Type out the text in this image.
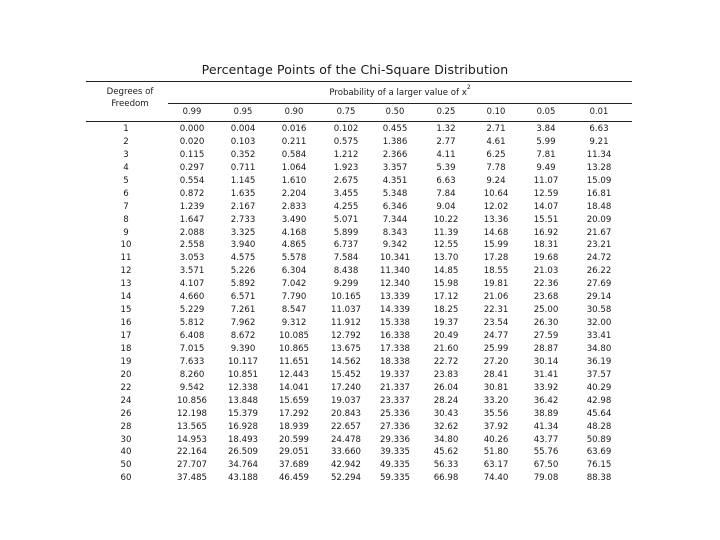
Percentage Points of the Chi-Square Distribution
Degrees of
Freedom
Probability of a larger value of $x^2$
0.99	0.95	0.90	0.75	0.50	0.25	0.10	0.05	0.01
1	0.000	0.004	0.016	0.102	0.455	1.32	2.71	3.84	6.63
2	0.020	0.103	0.211	0.575	1.386	2.77	4.61	5.99	9.21
3	0.115	0.352	0.584	1.212	2.366	4.11	6.25	7.81	11.34
4	0.297	0.711	1.064	1.923	3.357	5.39	7.78	9.49	13.28
5	0.554	1.145	1.610	2.675	4.351	6.63	9.24	11.07	15.09
6	0.872	1.635	2.204	3.455	5.348	7.84	10.64	12.59	16.81
7	1.239	2.167	2.833	4.255	6.346	9.04	12.02	14.07	18.48
8	1.647	2.733	3.490	5.071	7.344	10.22	13.36	15.51	20.09
9	2.088	3.325	4.168	5.899	8.343	11.39	14.68	16.92	21.67
10	2.558	3.940	4.865	6.737	9.342	12.55	15.99	18.31	23.21
11	3.053	4.575	5.578	7.584	10.341	13.70	17.28	19.68	24.72
12	3.571	5.226	6.304	8.438	11.340	14.85	18.55	21.03	26.22
13	4.107	5.892	7.042	9.299	12.340	15.98	19.81	22.36	27.69
14	4.660	6.571	7.790	10.165	13.339	17.12	21.06	23.68	29.14
15	5.229	7.261	8.547	11.037	14.339	18.25	22.31	25.00	30.58
16	5.812	7.962	9.312	11.912	15.338	19.37	23.54	26.30	32.00
17	6.408	8.672	10.085	12.792	16.338	20.49	24.77	27.59	33.41
18	7.015	9.390	10.865	13.675	17.338	21.60	25.99	28.87	34.80
19	7.633	10.117	11.651	14.562	18.338	22.72	27.20	30.14	36.19
20	8.260	10.851	12.443	15.452	19.337	23.83	28.41	31.41	37.57
22	9.542	12.338	14.041	17.240	21.337	26.04	30.81	33.92	40.29
24	10.856	13.848	15.659	19.037	23.337	28.24	33.20	36.42	42.98
26	12.198	15.379	17.292	20.843	25.336	30.43	35.56	38.89	45.64
28	13.565	16.928	18.939	22.657	27.336	32.62	37.92	41.34	48.28
30	14.953	18.493	20.599	24.478	29.336	34.80	40.26	43.77	50.89
40	22.164	26.509	29.051	33.660	39.335	45.62	51.80	55.76	63.69
50	27.707	34.764	37.689	42.942	49.335	56.33	63.17	67.50	76.15
60	37.485	43.188	46.459	52.294	59.335	66.98	74.40	79.08	88.38
